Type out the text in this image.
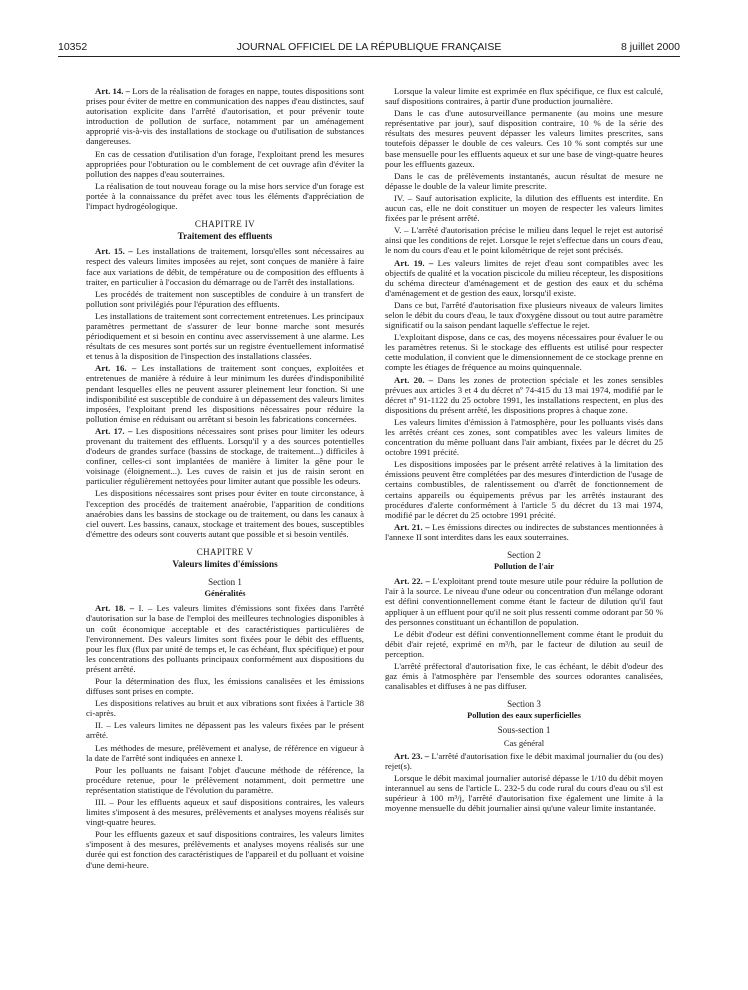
10352	JOURNAL OFFICIEL DE LA RÉPUBLIQUE FRANÇAISE	8 juillet 2000

Art. 14. – Lors de la réalisation de forages en nappe, toutes dispositions sont prises pour éviter de mettre en communication des nappes d'eau distinctes, sauf autorisation explicite dans l'arrêté d'autorisation, et pour prévenir toute introduction de pollution de surface, notamment par un aménagement approprié vis-à-vis des installations de stockage ou d'utilisation de substances dangereuses.

En cas de cessation d'utilisation d'un forage, l'exploitant prend les mesures appropriées pour l'obturation ou le comblement de cet ouvrage afin d'éviter la pollution des nappes d'eau souterraines.

La réalisation de tout nouveau forage ou la mise hors service d'un forage est portée à la connaissance du préfet avec tous les éléments d'appréciation de l'impact hydrogéologique.

CHAPITRE IV
Traitement des effluents

Art. 15. – Les installations de traitement, lorsqu'elles sont nécessaires au respect des valeurs limites imposées au rejet, sont conçues de manière à faire face aux variations de débit, de température ou de composition des effluents à traiter, en particulier à l'occasion du démarrage ou de l'arrêt des installations.

Les procédés de traitement non susceptibles de conduire à un transfert de pollution sont privilégiés pour l'épuration des effluents.

Les installations de traitement sont correctement entretenues. Les principaux paramètres permettant de s'assurer de leur bonne marche sont mesurés périodiquement et si besoin en continu avec asservissement à une alarme. Les résultats de ces mesures sont portés sur un registre éventuellement informatisé et tenus à la disposition de l'inspection des installations classées.

Art. 16. – Les installations de traitement sont conçues, exploitées et entretenues de manière à réduire à leur minimum les durées d'indisponibilité pendant lesquelles elles ne peuvent assurer pleinement leur fonction. Si une indisponibilité est susceptible de conduire à un dépassement des valeurs limites imposées, l'exploitant prend les dispositions nécessaires pour réduire la pollution émise en réduisant ou arrêtant si besoin les fabrications concernées.

Art. 17. – Les dispositions nécessaires sont prises pour limiter les odeurs provenant du traitement des effluents. Lorsqu'il y a des sources potentielles d'odeurs de grandes surface (bassins de stockage, de traitement...) difficiles à confiner, celles-ci sont implantées de manière à limiter la gêne pour le voisinage (éloignement...). Les cuves de raisin et jus de raisin seront en particulier régulièrement nettoyées pour limiter autant que possible les odeurs.

Les dispositions nécessaires sont prises pour éviter en toute circonstance, à l'exception des procédés de traitement anaérobie, l'apparition de conditions anaérobies dans les bassins de stockage ou de traitement, ou dans les canaux à ciel ouvert. Les bassins, canaux, stockage et traitement des boues, susceptibles d'émettre des odeurs sont couverts autant que possible et si besoin ventilés.

CHAPITRE V
Valeurs limites d'émissions
Section 1
Généralités

Art. 18. – I. – Les valeurs limites d'émissions sont fixées dans l'arrêté d'autorisation sur la base de l'emploi des meilleures technologies disponibles à un coût économique acceptable et des caractéristiques particulières de l'environnement. Des valeurs limites sont fixées pour le débit des effluents, pour les flux (flux par unité de temps et, le cas échéant, flux spécifique) et pour les concentrations des polluants principaux conformément aux dispositions du présent arrêté.

Pour la détermination des flux, les émissions canalisées et les émissions diffuses sont prises en compte.

Les dispositions relatives au bruit et aux vibrations sont fixées à l'article 38 ci-après.

II. – Les valeurs limites ne dépassent pas les valeurs fixées par le présent arrêté.

Les méthodes de mesure, prélèvement et analyse, de référence en vigueur à la date de l'arrêté sont indiquées en annexe I.

Pour les polluants ne faisant l'objet d'aucune méthode de référence, la procédure retenue, pour le prélèvement notamment, doit permettre une représentation statistique de l'évolution du paramètre.

III. – Pour les effluents aqueux et sauf dispositions contraires, les valeurs limites s'imposent à des mesures, prélèvements et analyses moyens réalisés sur vingt-quatre heures.

Pour les effluents gazeux et sauf dispositions contraires, les valeurs limites s'imposent à des mesures, prélèvements et analyses moyens réalisés sur une durée qui est fonction des caractéristiques de l'appareil et du polluant et voisine d'une demi-heure.

Lorsque la valeur limite est exprimée en flux spécifique, ce flux est calculé, sauf dispositions contraires, à partir d'une production journalière.

Dans le cas d'une autosurveillance permanente (au moins une mesure représentative par jour), sauf disposition contraire, 10 % de la série des résultats des mesures peuvent dépasser les valeurs limites prescrites, sans toutefois dépasser le double de ces valeurs. Ces 10 % sont comptés sur une base mensuelle pour les effluents aqueux et sur une base de vingt-quatre heures pour les effluents gazeux.

Dans le cas de prélèvements instantanés, aucun résultat de mesure ne dépasse le double de la valeur limite prescrite.

IV. – Sauf autorisation explicite, la dilution des effluents est interdite. En aucun cas, elle ne doit constituer un moyen de respecter les valeurs limites fixées par le présent arrêté.

V. – L'arrêté d'autorisation précise le milieu dans lequel le rejet est autorisé ainsi que les conditions de rejet. Lorsque le rejet s'effectue dans un cours d'eau, le nom du cours d'eau et le point kilométrique de rejet sont précisés.

Art. 19. – Les valeurs limites de rejet d'eau sont compatibles avec les objectifs de qualité et la vocation piscicole du milieu récepteur, les dispositions du schéma directeur d'aménagement et de gestion des eaux et du schéma d'aménagement et de gestion des eaux, lorsqu'il existe.

Dans ce but, l'arrêté d'autorisation fixe plusieurs niveaux de valeurs limites selon le débit du cours d'eau, le taux d'oxygène dissout ou tout autre paramètre significatif ou la saison pendant laquelle s'effectue le rejet.

L'exploitant dispose, dans ce cas, des moyens nécessaires pour évaluer le ou les paramètres retenus. Si le stockage des effluents est utilisé pour respecter cette modulation, il convient que le dimensionnement de ce stockage prenne en compte les étiages de fréquence au moins quinquennale.

Art. 20. – Dans les zones de protection spéciale et les zones sensibles prévues aux articles 3 et 4 du décret nº 74-415 du 13 mai 1974, modifié par le décret nº 91-1122 du 25 octobre 1991, les installations respectent, en plus des dispositions du présent arrêté, les dispositions propres à chaque zone.

Les valeurs limites d'émission à l'atmosphère, pour les polluants visés dans les arrêtés créant ces zones, sont compatibles avec les valeurs limites de concentration du même polluant dans l'air ambiant, fixées par le décret du 25 octobre 1991 précité.

Les dispositions imposées par le présent arrêté relatives à la limitation des émissions peuvent être complétées par des mesures d'interdiction de l'usage de certains combustibles, de ralentissement ou d'arrêt de fonctionnement de certains appareils ou équipements prévus par les arrêtés instaurant des procédures d'alerte conformément à l'article 5 du décret du 13 mai 1974, modifié par le décret du 25 octobre 1991 précité.

Art. 21. – Les émissions directes ou indirectes de substances mentionnées à l'annexe II sont interdites dans les eaux souterraines.

Section 2
Pollution de l'air

Art. 22. – L'exploitant prend toute mesure utile pour réduire la pollution de l'air à la source. Le niveau d'une odeur ou concentration d'un mélange odorant est défini conventionnellement comme étant le facteur de dilution qu'il faut appliquer à un effluent pour qu'il ne soit plus ressenti comme odorant par 50 % des personnes constituant un échantillon de population.

Le débit d'odeur est défini conventionnellement comme étant le produit du débit d'air rejeté, exprimé en m³/h, par le facteur de dilution au seuil de perception.

L'arrêté préfectoral d'autorisation fixe, le cas échéant, le débit d'odeur des gaz émis à l'atmosphère par l'ensemble des sources odorantes canalisées, canalisables et diffuses à ne pas diffuser.

Section 3
Pollution des eaux superficielles
Sous-section 1
Cas général

Art. 23. – L'arrêté d'autorisation fixe le débit maximal journalier du (ou des) rejet(s).

Lorsque le débit maximal journalier autorisé dépasse le 1/10 du débit moyen interannuel au sens de l'article L. 232-5 du code rural du cours d'eau ou s'il est supérieur à 100 m³/j, l'arrêté d'autorisation fixe également une limite à la moyenne mensuelle du débit journalier ainsi qu'une valeur limite instantanée.
